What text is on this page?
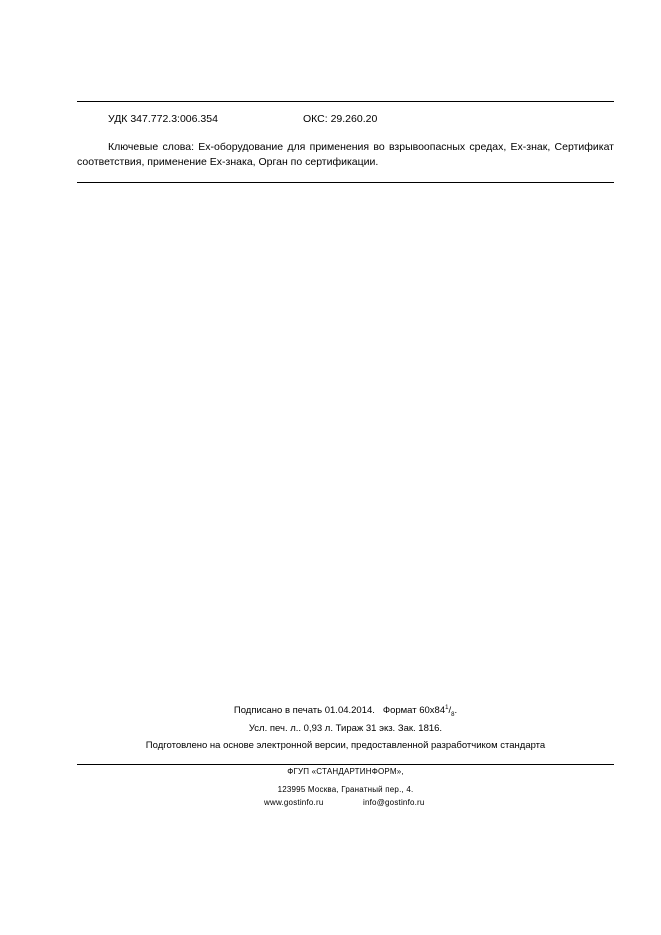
УДК 347.772.3:006.354	ОКС: 29.260.20
Ключевые слова: Ex-оборудование для применения во взрывоопасных средах, Ex-знак, Сертификат
соответствия, применение Ex-знака, Орган по сертификации.
Подписано в печать 01.04.2014. Формат $60x84^1/_8$.
Усл. печ. л.. 0,93 л. Тираж 31 экз. Зак. 1816.
Подготовлено на основе электронной версии, предоставленной разработчиком стандарта
ФГУП «СТАНДАРТИНФОРМ»,
123995 Москва, Гранатный пер., 4.
www.gostinfo.ru	info@gostinfo.ru
